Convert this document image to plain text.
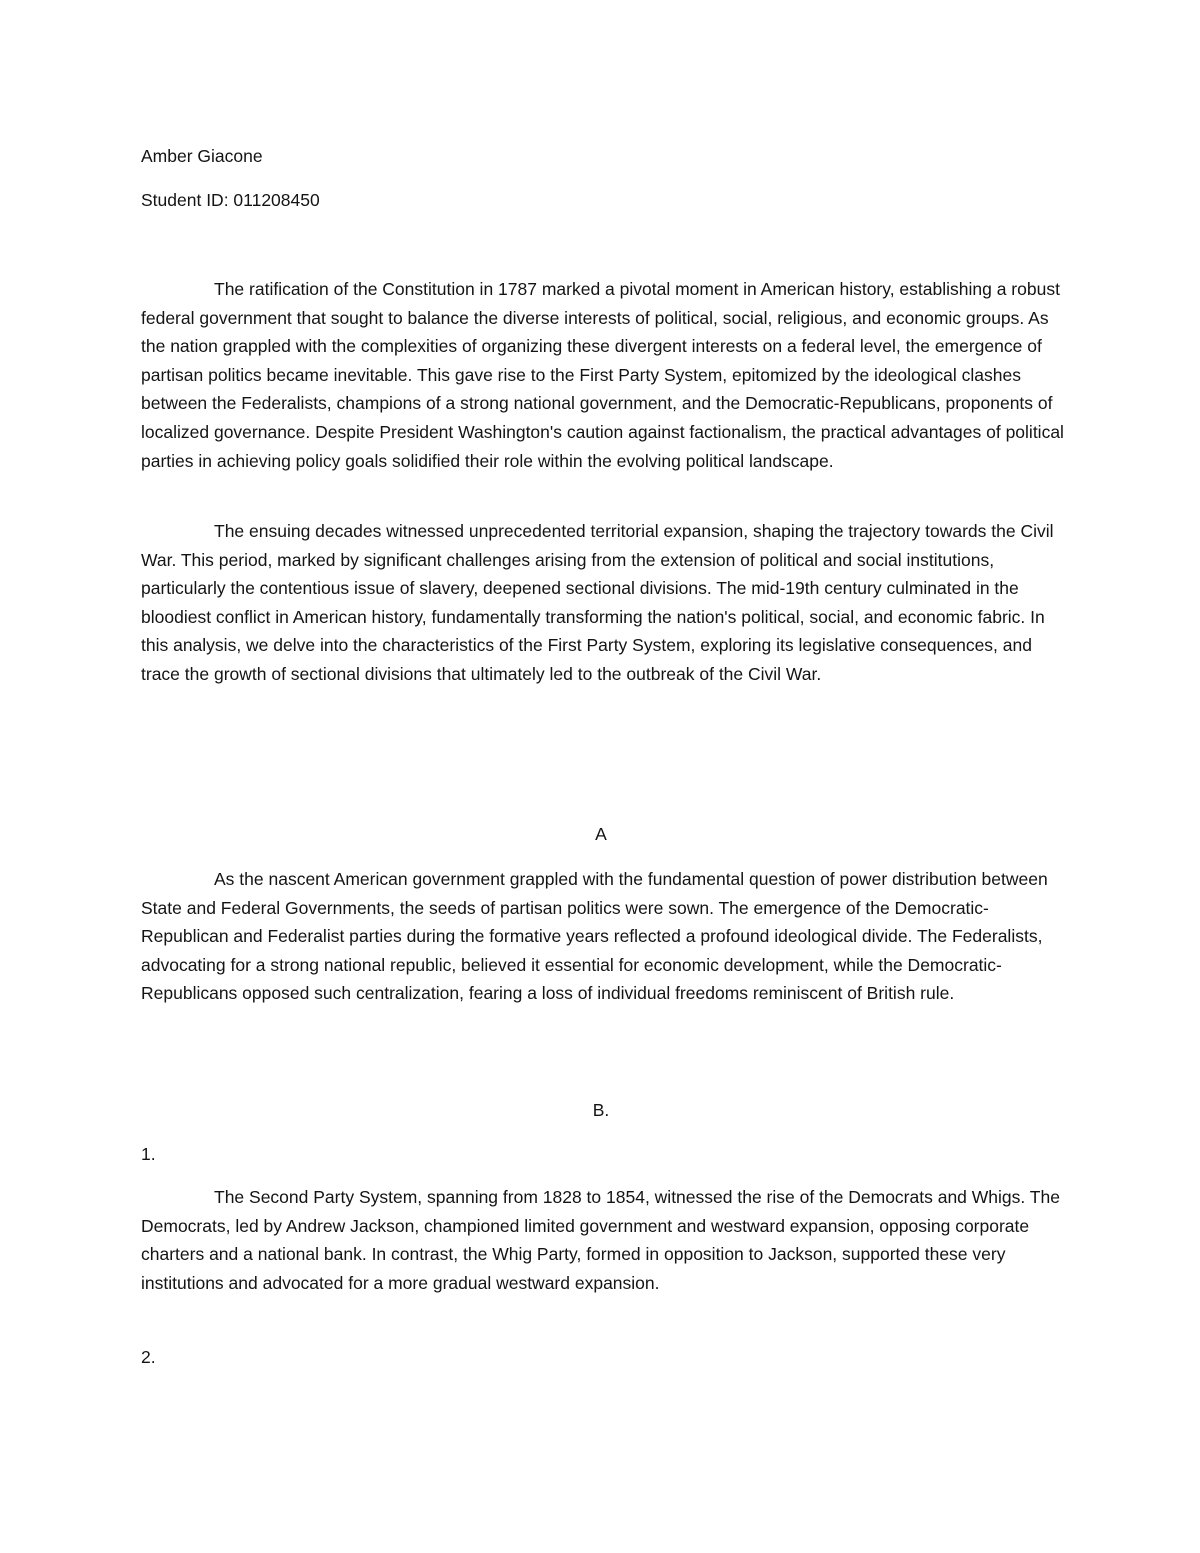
Amber Giacone

Student ID: 011208450

The ratification of the Constitution in 1787 marked a pivotal moment in American history, establishing a robust federal government that sought to balance the diverse interests of political, social, religious, and economic groups. As the nation grappled with the complexities of organizing these divergent interests on a federal level, the emergence of partisan politics became inevitable. This gave rise to the First Party System, epitomized by the ideological clashes between the Federalists, champions of a strong national government, and the Democratic-Republicans, proponents of localized governance. Despite President Washington's caution against factionalism, the practical advantages of political parties in achieving policy goals solidified their role within the evolving political landscape.

The ensuing decades witnessed unprecedented territorial expansion, shaping the trajectory towards the Civil War. This period, marked by significant challenges arising from the extension of political and social institutions, particularly the contentious issue of slavery, deepened sectional divisions. The mid-19th century culminated in the bloodiest conflict in American history, fundamentally transforming the nation's political, social, and economic fabric. In this analysis, we delve into the characteristics of the First Party System, exploring its legislative consequences, and trace the growth of sectional divisions that ultimately led to the outbreak of the Civil War.

A

As the nascent American government grappled with the fundamental question of power distribution between State and Federal Governments, the seeds of partisan politics were sown. The emergence of the Democratic-Republican and Federalist parties during the formative years reflected a profound ideological divide. The Federalists, advocating for a strong national republic, believed it essential for economic development, while the Democratic-Republicans opposed such centralization, fearing a loss of individual freedoms reminiscent of British rule.

B.

1.

The Second Party System, spanning from 1828 to 1854, witnessed the rise of the Democrats and Whigs. The Democrats, led by Andrew Jackson, championed limited government and westward expansion, opposing corporate charters and a national bank. In contrast, the Whig Party, formed in opposition to Jackson, supported these very institutions and advocated for a more gradual westward expansion.

2.
